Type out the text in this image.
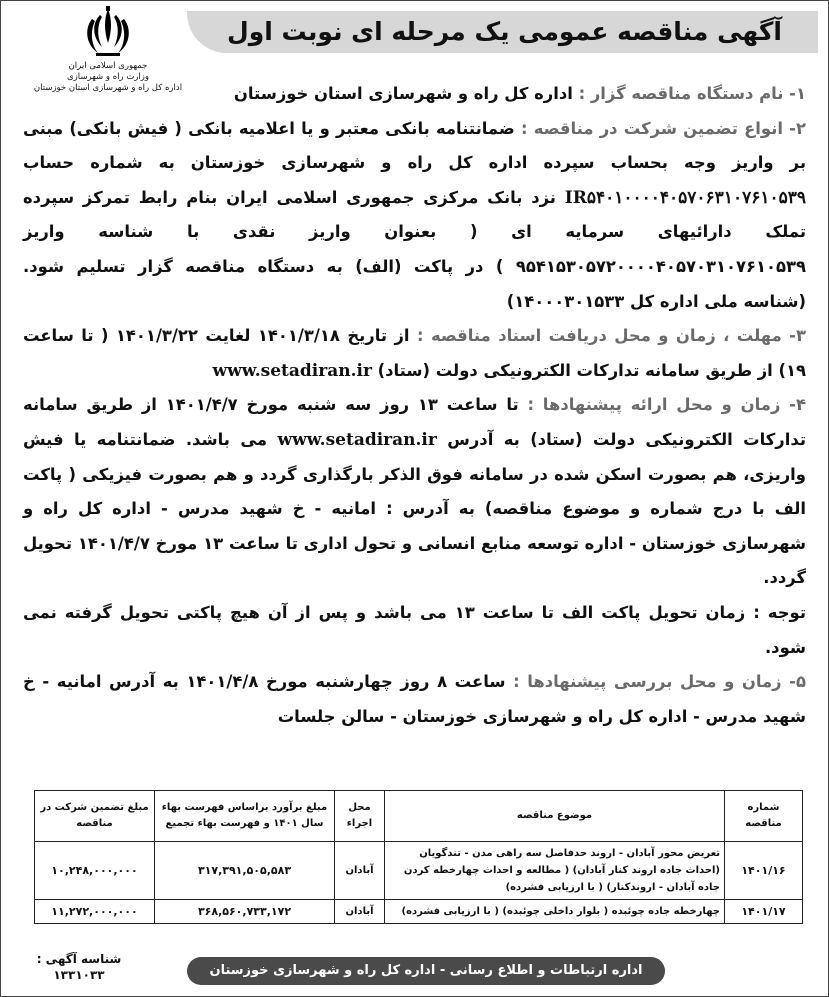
آگهی مناقصه عمومی یک مرحله ای نوبت اول

جمهوری اسلامی ایران

وزارت راه و شهرسازی

اداره کل راه و شهرسازی استان خوزستان	۱- نام دستگاه مناقصه گزار : اداره کل راه و شهرسازی استان خوزستان

۲- انواع تضمین شرکت در مناقصه : ضمانتنامه بانکی معتبر و یا اعلامیه بانکی ( فیش بانکی) مبنی بر واریز وجه بحساب سپرده اداره کل راه و شهرسازی خوزستان به شماره حساب IR۵۴۰۱۰۰۰۰۴۰۵۷۰۶۳۱۰۷۶۱۰۵۳۹ نزد بانک مرکزی جمهوری اسلامی ایران بنام رابط تمرکز سپرده تملک دارائیهای سرمایه ای ( بعنوان واریز نقدی با شناسه واریز ۹۵۴۱۵۳۰۵۷۲۰۰۰۰۴۰۵۷۰۳۱۰۷۶۱۰۵۳۹ ) در پاکت (الف) به دستگاه مناقصه گزار تسلیم شود. (شناسه ملی اداره کل ۱۴۰۰۰۳۰۱۵۳۳)

۳- مهلت ، زمان و محل دریافت اسناد مناقصه : از تاریخ ۱۴۰۱/۳/۱۸ لغایت ۱۴۰۱/۳/۲۲ ( تا ساعت ۱۹) از طریق سامانه تدارکات الکترونیکی دولت (ستاد) www.setadiran.ir

۴- زمان و محل ارائه پیشنهادها : تا ساعت ۱۳ روز سه شنبه مورخ ۱۴۰۱/۴/۷ از طریق سامانه تدارکات الکترونیکی دولت (ستاد) به آدرس www.setadiran.ir می باشد. ضمانتنامه یا فیش واریزی، هم بصورت اسکن شده در سامانه فوق الذکر بارگذاری گردد و هم بصورت فیزیکی ( پاکت الف با درج شماره و موضوع مناقصه) به آدرس : امانیه - خ شهید مدرس - اداره کل راه و شهرسازی خوزستان - اداره توسعه منابع انسانی و تحول اداری تا ساعت ۱۳ مورخ ۱۴۰۱/۴/۷ تحویل گردد.

توجه : زمان تحویل پاکت الف تا ساعت ۱۳ می باشد و پس از آن هیچ پاکتی تحویل گرفته نمی شود.

۵- زمان و محل بررسی پیشنهادها : ساعت ۸ روز چهارشنبه مورخ ۱۴۰۱/۴/۸ به آدرس امانیه - خ شهید مدرس - اداره کل راه و شهرسازی خوزستان - سالن جلسات

شماره مناقصه	موضوع مناقصه	محل اجراء	مبلغ برآورد براساس فهرست بهاء سال ۱۴۰۱ و فهرست بهاء تجمیع	مبلغ تضمین شرکت در مناقصه
۱۴۰۱/۱۶	تعریض محور آبادان - اروند حدفاصل سه راهی مدن - تندگویان (احداث جاده اروند کنار آبادان) ( مطالعه و احداث چهارخطه کردن جاده آبادان - اروندکنار) ( با ارزیابی فشرده)	آبادان	۳۱۷,۳۹۱,۵۰۵,۵۸۳	۱۰,۲۴۸,۰۰۰,۰۰۰
۱۴۰۱/۱۷	چهارخطه جاده چوئبده ( بلوار داخلی چوئبده) ( با ارزیابی فشرده)	آبادان	۳۶۸,۵۶۰,۷۳۳,۱۷۲	۱۱,۲۷۲,۰۰۰,۰۰۰
شناسه آگهی :
۱۳۳۱۰۳۳	اداره ارتباطات و اطلاع رسانی - اداره کل راه و شهرسازی خوزستان
